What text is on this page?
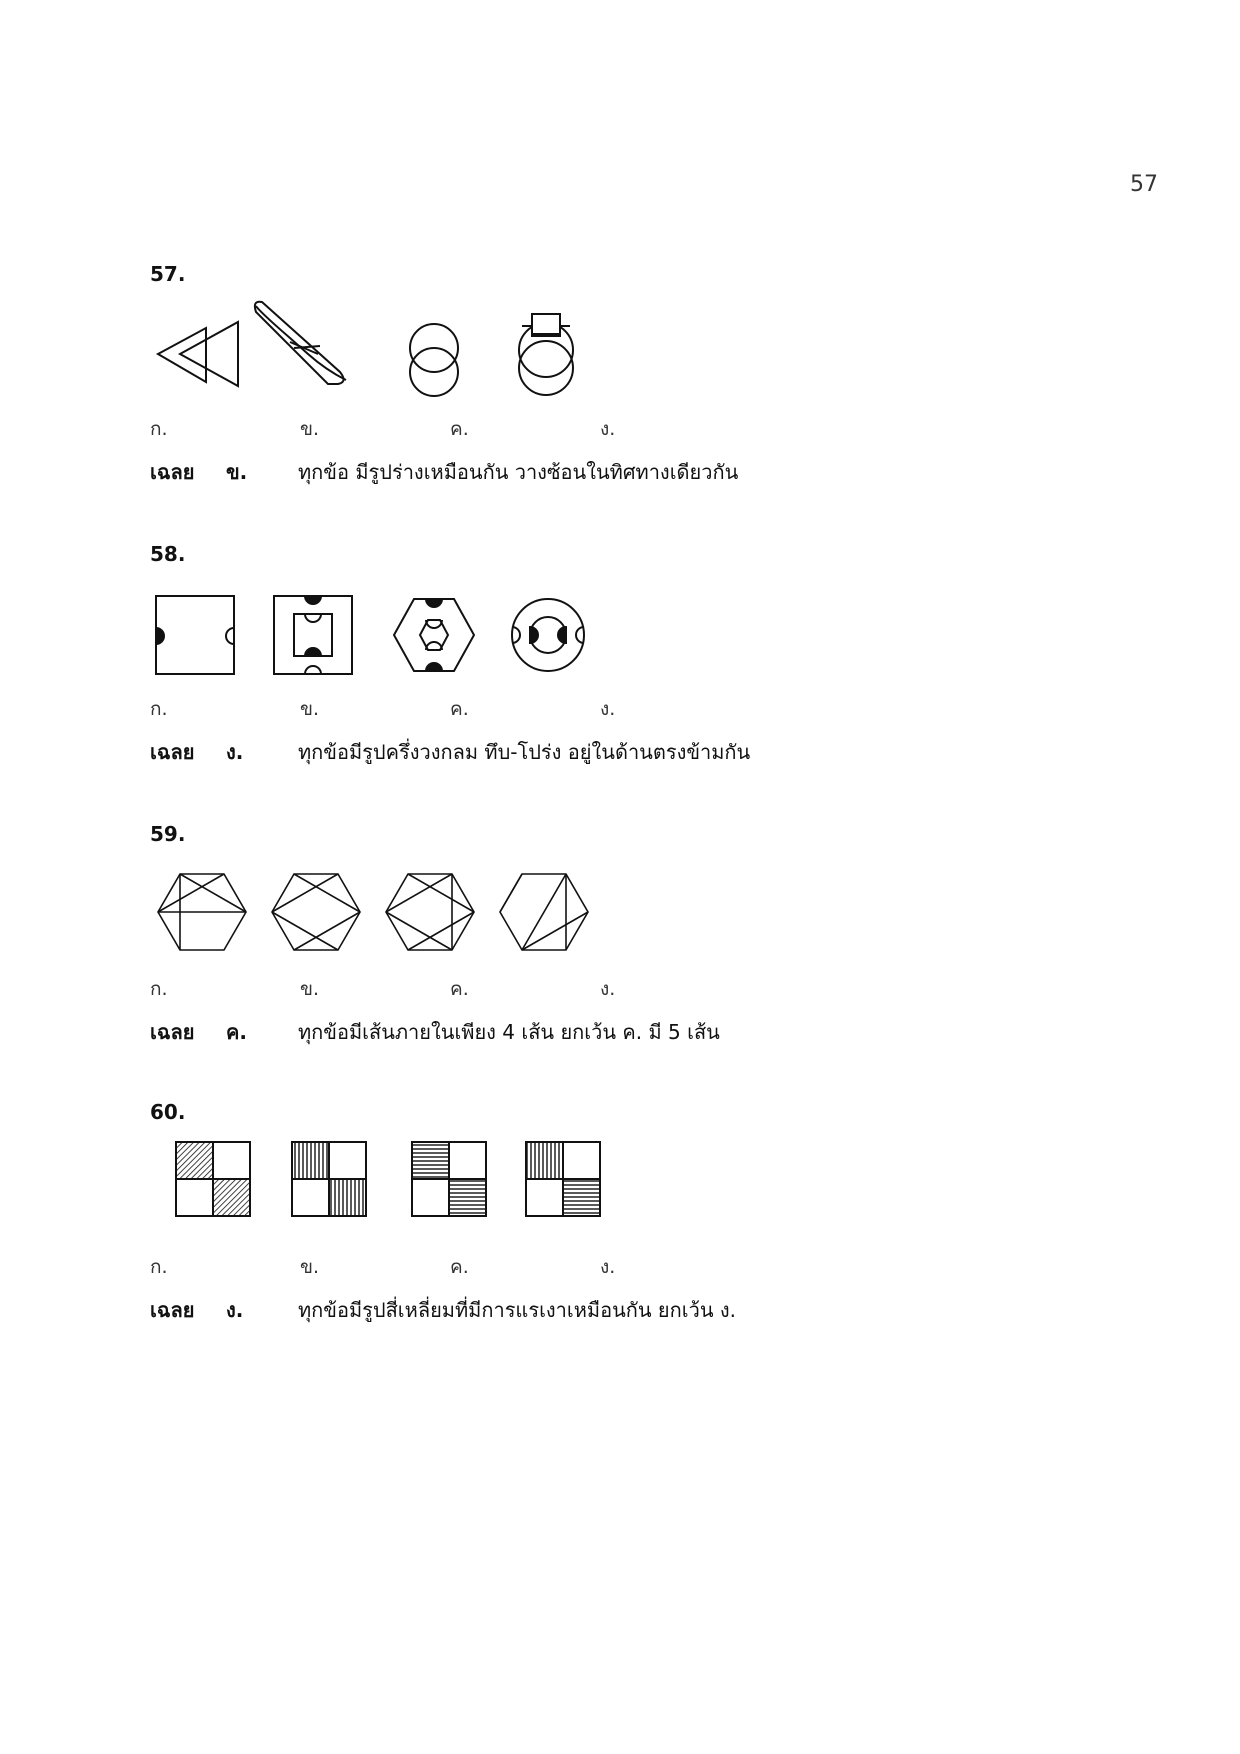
57
57.
ก.	ข.	ค.	ง.
เฉลย ข.	ทุกข้อ มีรูปร่างเหมือนกัน วางซ้อนในทิศทางเดียวกัน
58.
ก.	ข.	ค.	ง.
เฉลย ง.	ทุกข้อมีรูปครึ่งวงกลม ทึบ-โปร่ง อยู่ในด้านตรงข้ามกัน
59.
ก.	ข.	ค.	ง.
เฉลย ค.	ทุกข้อมีเส้นภายในเพียง 4 เส้น ยกเว้น ค. มี 5 เส้น
60.
ก.	ข.	ค.	ง.
เฉลย ง.	ทุกข้อมีรูปสี่เหลี่ยมที่มีการแรเงาเหมือนกัน ยกเว้น ง.
